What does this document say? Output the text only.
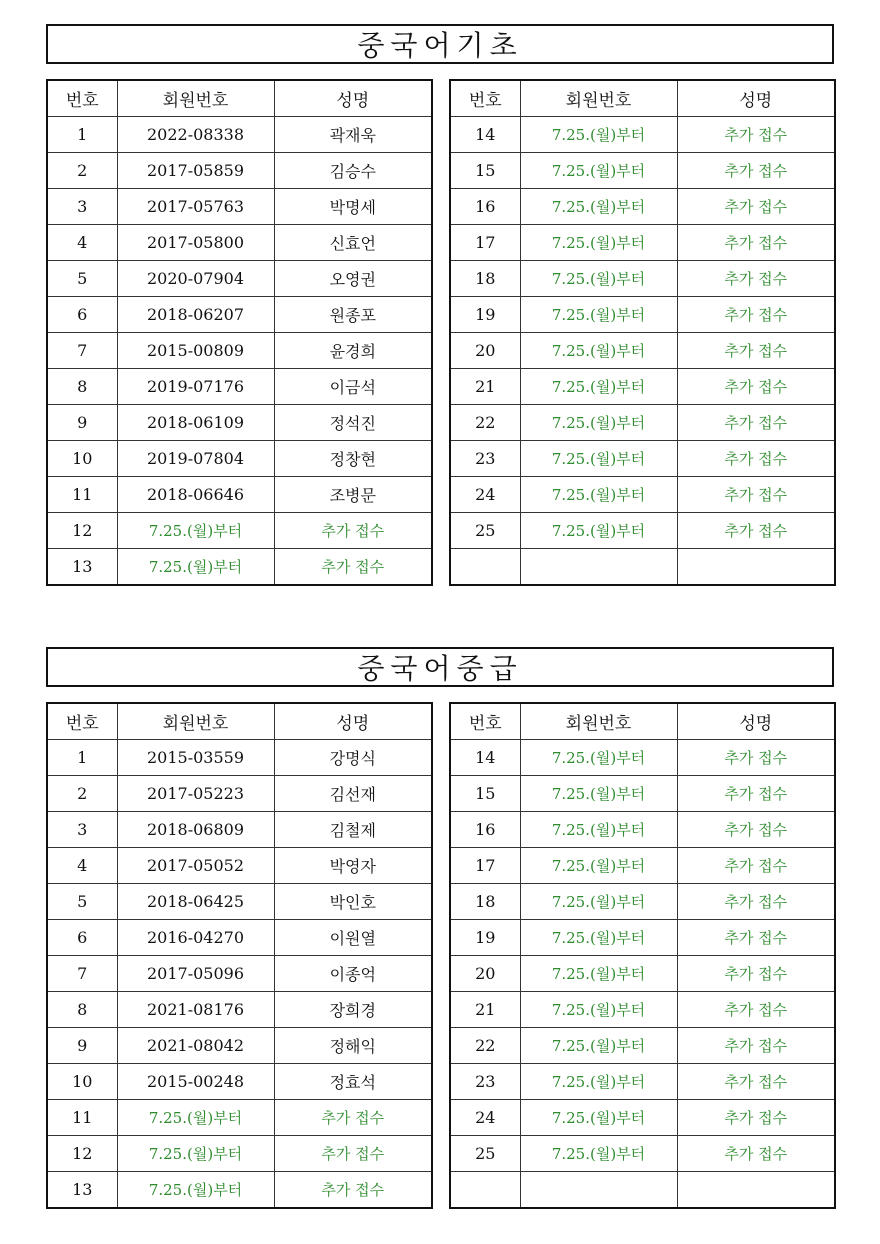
중국어기초
번호	회원번호	성명
1	2022-08338	곽재욱
2	2017-05859	김승수
3	2017-05763	박명세
4	2017-05800	신효언
5	2020-07904	오영권
6	2018-06207	원종포
7	2015-00809	윤경희
8	2019-07176	이금석
9	2018-06109	정석진
10	2019-07804	정창현
11	2018-06646	조병문
12	7.25.(월)부터	추가 접수
13	7.25.(월)부터	추가 접수
번호	회원번호	성명
14	7.25.(월)부터	추가 접수
15	7.25.(월)부터	추가 접수
16	7.25.(월)부터	추가 접수
17	7.25.(월)부터	추가 접수
18	7.25.(월)부터	추가 접수
19	7.25.(월)부터	추가 접수
20	7.25.(월)부터	추가 접수
21	7.25.(월)부터	추가 접수
22	7.25.(월)부터	추가 접수
23	7.25.(월)부터	추가 접수
24	7.25.(월)부터	추가 접수
25	7.25.(월)부터	추가 접수

중국어중급
번호	회원번호	성명
1	2015-03559	강명식
2	2017-05223	김선재
3	2018-06809	김철제
4	2017-05052	박영자
5	2018-06425	박인호
6	2016-04270	이원열
7	2017-05096	이종억
8	2021-08176	장희경
9	2021-08042	정해익
10	2015-00248	정효석
11	7.25.(월)부터	추가 접수
12	7.25.(월)부터	추가 접수
13	7.25.(월)부터	추가 접수
번호	회원번호	성명
14	7.25.(월)부터	추가 접수
15	7.25.(월)부터	추가 접수
16	7.25.(월)부터	추가 접수
17	7.25.(월)부터	추가 접수
18	7.25.(월)부터	추가 접수
19	7.25.(월)부터	추가 접수
20	7.25.(월)부터	추가 접수
21	7.25.(월)부터	추가 접수
22	7.25.(월)부터	추가 접수
23	7.25.(월)부터	추가 접수
24	7.25.(월)부터	추가 접수
25	7.25.(월)부터	추가 접수
